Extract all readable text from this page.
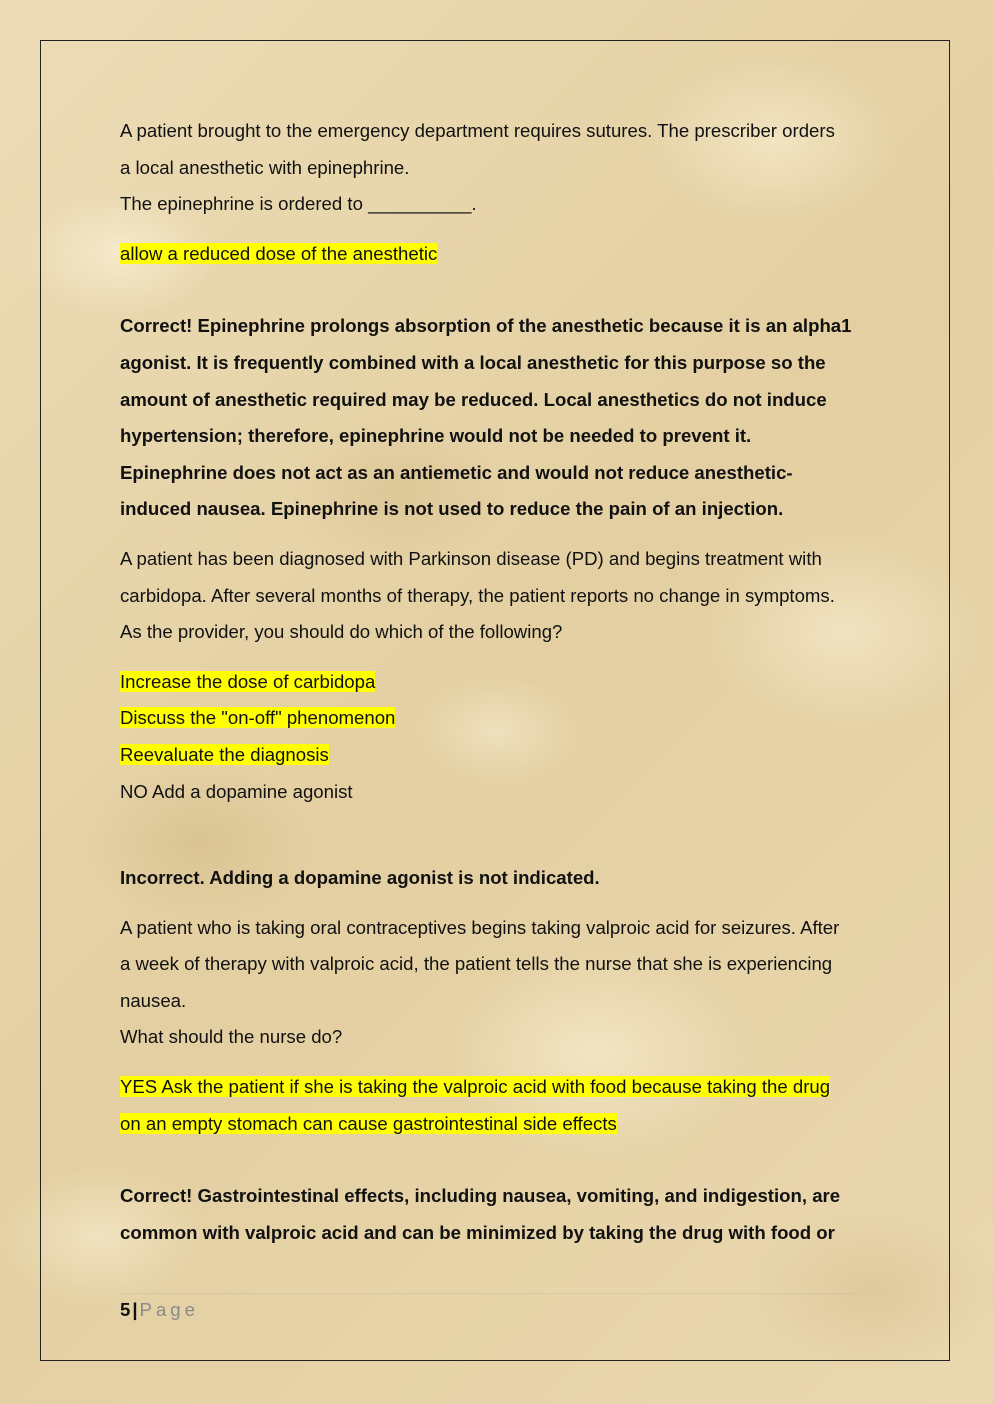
A patient brought to the emergency department requires sutures. The prescriber orders

a local anesthetic with epinephrine.

The epinephrine is ordered to __________.

allow a reduced dose of the anesthetic

Correct! Epinephrine prolongs absorption of the anesthetic because it is an alpha1

agonist. It is frequently combined with a local anesthetic for this purpose so the

amount of anesthetic required may be reduced. Local anesthetics do not induce

hypertension; therefore, epinephrine would not be needed to prevent it.

Epinephrine does not act as an antiemetic and would not reduce anesthetic-

induced nausea. Epinephrine is not used to reduce the pain of an injection.

A patient has been diagnosed with Parkinson disease (PD) and begins treatment with

carbidopa. After several months of therapy, the patient reports no change in symptoms.

As the provider, you should do which of the following?

Increase the dose of carbidopa

Discuss the "on-off" phenomenon

Reevaluate the diagnosis

NO Add a dopamine agonist

Incorrect. Adding a dopamine agonist is not indicated.

A patient who is taking oral contraceptives begins taking valproic acid for seizures. After

a week of therapy with valproic acid, the patient tells the nurse that she is experiencing

nausea.

What should the nurse do?

YES Ask the patient if she is taking the valproic acid with food because taking the drug

on an empty stomach can cause gastrointestinal side effects

Correct! Gastrointestinal effects, including nausea, vomiting, and indigestion, are

common with valproic acid and can be minimized by taking the drug with food or

5 | Page
